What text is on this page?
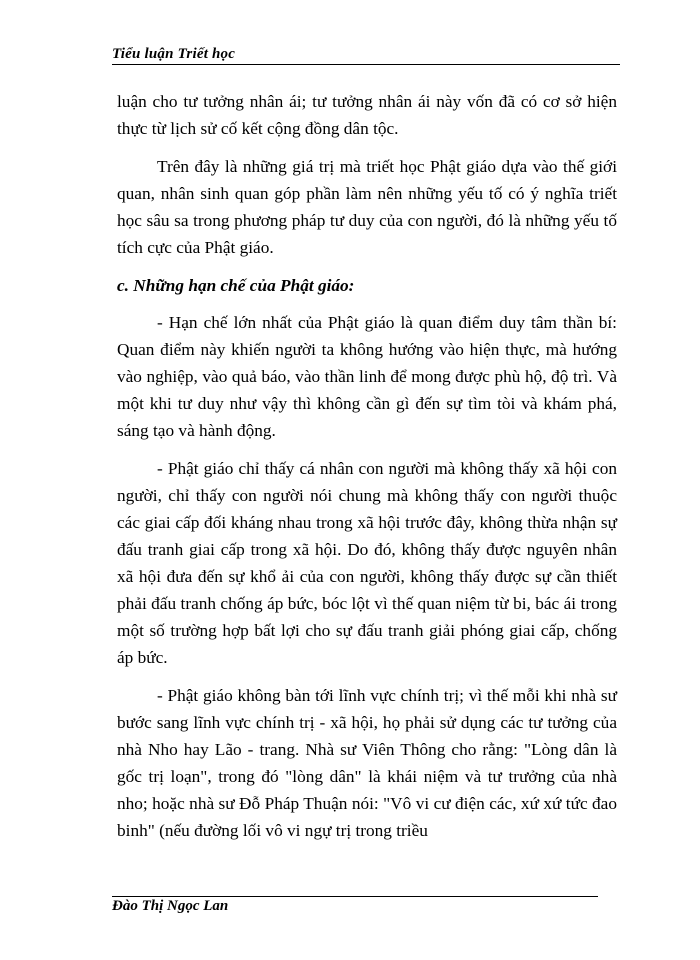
Tiểu luận Triết học

luận cho tư tưởng nhân ái; tư tưởng nhân ái này vốn đã có cơ sở hiện thực từ lịch sử cố kết cộng đồng dân tộc.

Trên đây là những giá trị mà triết học Phật giáo dựa vào thế giới quan, nhân sinh quan góp phần làm nên những yếu tố có ý nghĩa triết học sâu sa trong phương pháp tư duy của con người, đó là những yếu tố tích cực của Phật giáo.

c. Những hạn chế của Phật giáo:

- Hạn chế lớn nhất của Phật giáo là quan điểm duy tâm thần bí: Quan điểm này khiến người ta không hướng vào hiện thực, mà hướng vào nghiệp, vào quả báo, vào thần linh để mong được phù hộ, độ trì. Và một khi tư duy như vậy thì không cần gì đến sự tìm tòi và khám phá, sáng tạo và hành động.

- Phật giáo chỉ thấy cá nhân con người mà không thấy xã hội con người, chỉ thấy con người nói chung mà không thấy con người thuộc các giai cấp đối kháng nhau trong xã hội trước đây, không thừa nhận sự đấu tranh giai cấp trong xã hội. Do đó, không thấy được nguyên nhân xã hội đưa đến sự khổ ải của con người, không thấy được sự cần thiết phải đấu tranh chống áp bức, bóc lột vì thế quan niệm từ bi, bác ái trong một số trường hợp bất lợi cho sự đấu tranh giải phóng giai cấp, chống áp bức.

- Phật giáo không bàn tới lĩnh vực chính trị; vì thế mỗi khi nhà sư bước sang lĩnh vực chính trị - xã hội, họ phải sử dụng các tư tưởng của nhà Nho hay Lão - trang. Nhà sư Viên Thông cho rằng: "Lòng dân là gốc trị loạn", trong đó "lòng dân" là khái niệm và tư trưởng của nhà nho; hoặc nhà sư Đỗ Pháp Thuận nói: "Vô vi cư điện các, xứ xứ tức đao binh" (nếu đường lối vô vi ngự trị trong triều

Đào Thị Ngọc Lan
